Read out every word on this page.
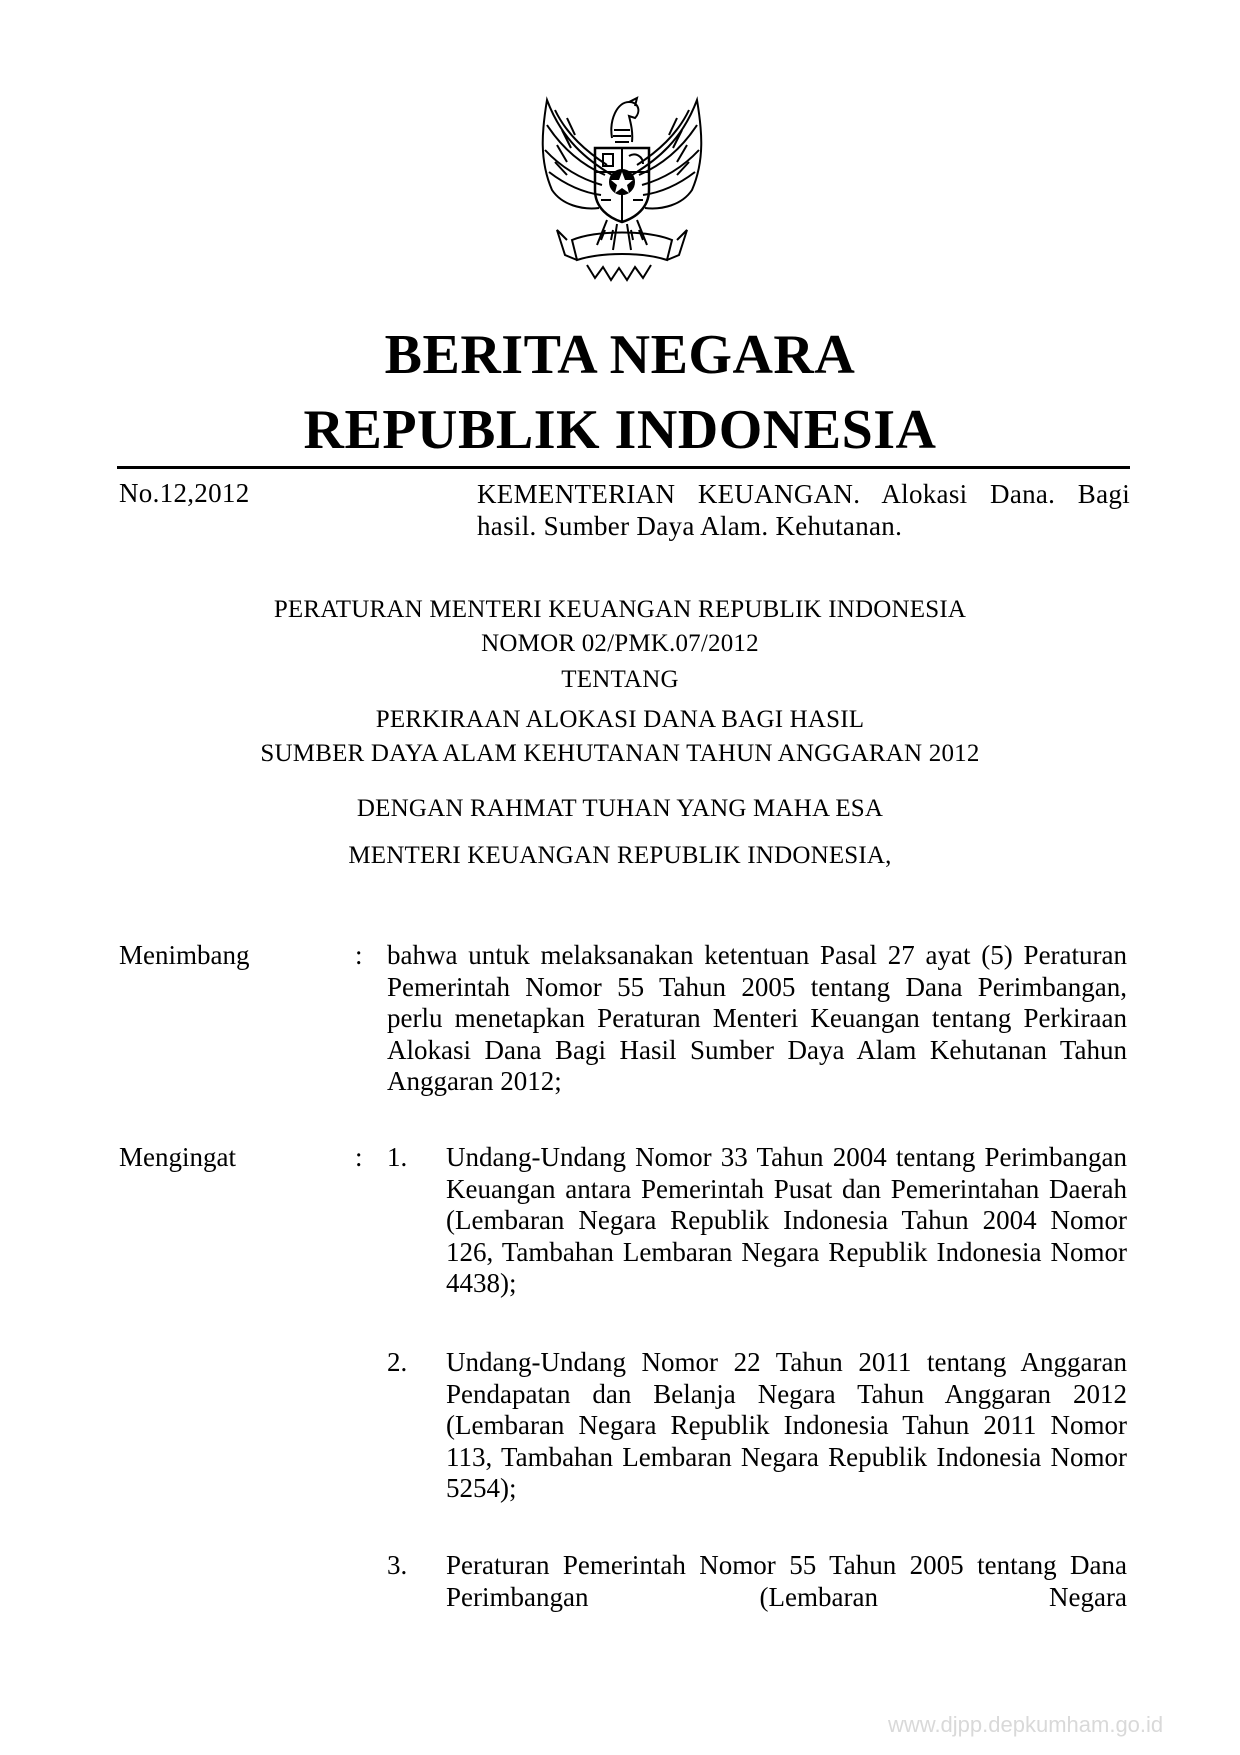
BERITA NEGARA
REPUBLIK INDONESIA
No.12,2012	KEMENTERIAN KEUANGAN. Alokasi Dana. Bagi hasil. Sumber Daya Alam. Kehutanan.
PERATURAN MENTERI KEUANGAN REPUBLIK INDONESIA
NOMOR 02/PMK.07/2012
TENTANG
PERKIRAAN ALOKASI DANA BAGI HASIL
SUMBER DAYA ALAM KEHUTANAN TAHUN ANGGARAN 2012
DENGAN RAHMAT TUHAN YANG MAHA ESA
MENTERI KEUANGAN REPUBLIK INDONESIA,
Menimbang	: bahwa untuk melaksanakan ketentuan Pasal 27 ayat (5) Peraturan Pemerintah Nomor 55 Tahun 2005 tentang Dana Perimbangan, perlu menetapkan Peraturan Menteri Keuangan tentang Perkiraan Alokasi Dana Bagi Hasil Sumber Daya Alam Kehutanan Tahun Anggaran 2012;

Mengingat	: 1. Undang-Undang Nomor 33 Tahun 2004 tentang Perimbangan Keuangan antara Pemerintah Pusat dan Pemerintahan Daerah (Lembaran Negara Republik Indonesia Tahun 2004 Nomor 126, Tambahan Lembaran Negara Republik Indonesia Nomor 4438);

2. Undang-Undang Nomor 22 Tahun 2011 tentang Anggaran Pendapatan dan Belanja Negara Tahun Anggaran 2012 (Lembaran Negara Republik Indonesia Tahun 2011 Nomor 113, Tambahan Lembaran Negara Republik Indonesia Nomor 5254);

3. Peraturan Pemerintah Nomor 55 Tahun 2005 tentang Dana Perimbangan (Lembaran Negara

www.djpp.depkumham.go.id
